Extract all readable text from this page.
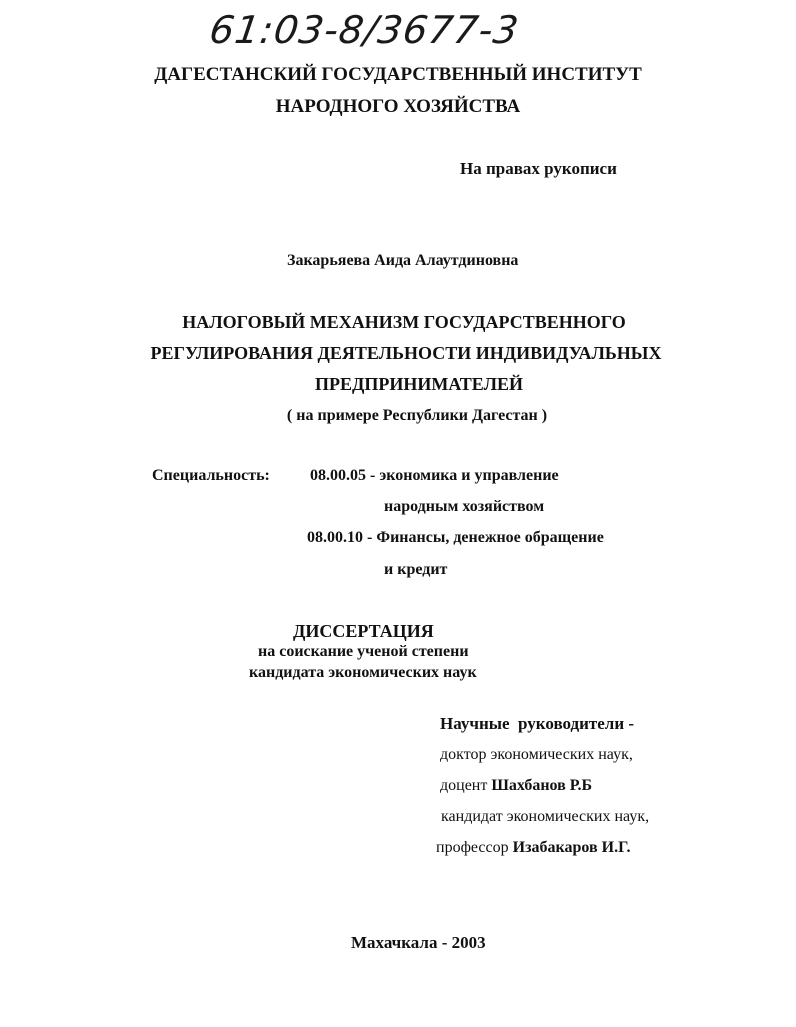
61:03-8/3677-3
ДАГЕСТАНСКИЙ ГОСУДАРСТВЕННЫЙ ИНСТИТУТ
НАРОДНОГО ХОЗЯЙСТВА
На правах рукописи
Закарьяева Аида Алаутдиновна
НАЛОГОВЫЙ МЕХАНИЗМ ГОСУДАРСТВЕННОГО
РЕГУЛИРОВАНИЯ ДЕЯТЕЛЬНОСТИ ИНДИВИДУАЛЬНЫХ
ПРЕДПРИНИМАТЕЛЕЙ
( на примере Республики Дагестан )
Специальность:	08.00.05 - экономика и управление
народным хозяйством
08.00.10 - Финансы, денежное обращение
и кредит
ДИССЕРТАЦИЯ
на соискание ученой степени
кандидата экономических наук
Научные  руководители -
доктор экономических наук,
доцент Шахбанов Р.Б
кандидат экономических наук,
профессор Изабакаров И.Г.
Махачкала - 2003
